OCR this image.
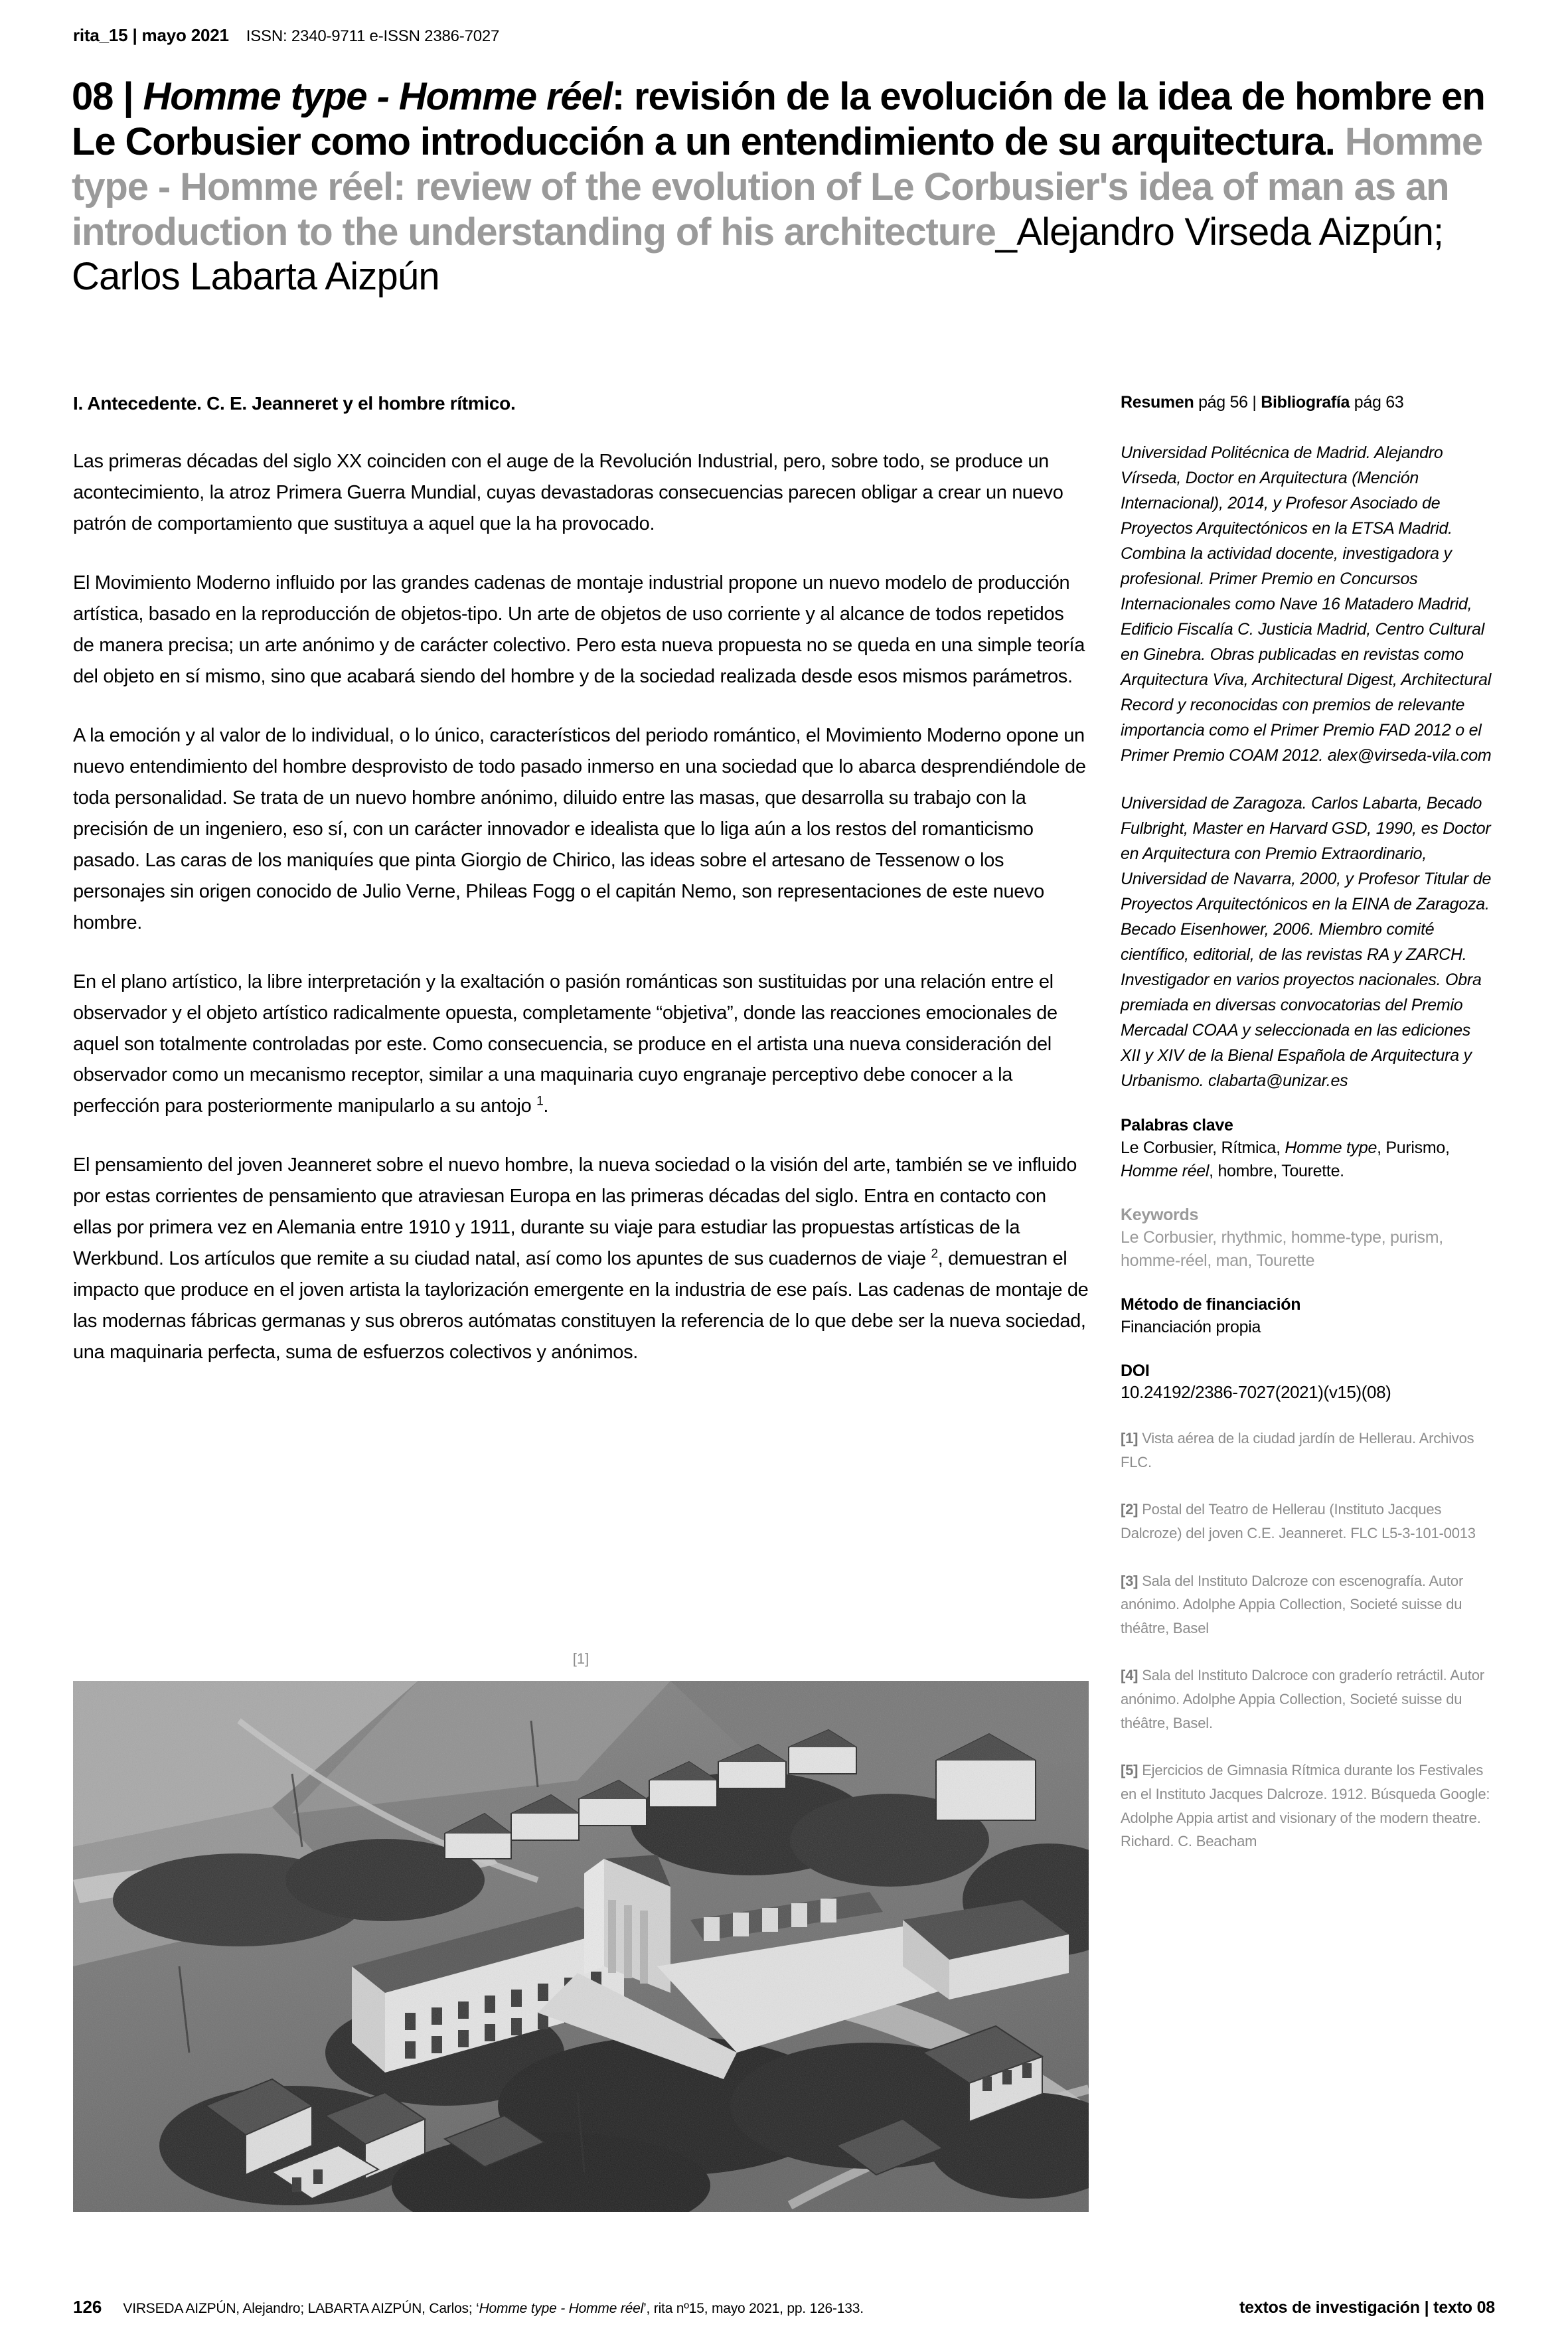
rita_15 | mayo 2021 ISSN: 2340-9711 e-ISSN 2386-7027
08 | Homme type - Homme réel: revisión de la evolución de la idea de hombre en Le Corbusier como introducción a un entendimiento de su arquitectura. Homme type - Homme réel: review of the evolution of Le Corbusier's idea of man as an introduction to the understanding of his architecture_Alejandro Virseda Aizpún; Carlos Labarta Aizpún
I. Antecedente. C. E. Jeanneret y el hombre rítmico.

Las primeras décadas del siglo XX coinciden con el auge de la Revolución Industrial, pero, sobre todo, se produce un acontecimiento, la atroz Primera Guerra Mundial, cuyas devastadoras consecuencias parecen obligar a crear un nuevo patrón de comportamiento que sustituya a aquel que la ha provocado.

El Movimiento Moderno influido por las grandes cadenas de montaje industrial propone un nuevo modelo de producción artística, basado en la reproducción de objetos-tipo. Un arte de objetos de uso corriente y al alcance de todos repetidos de manera precisa; un arte anónimo y de carácter colectivo. Pero esta nueva propuesta no se queda en una simple teoría del objeto en sí mismo, sino que acabará siendo del hombre y de la sociedad realizada desde esos mismos parámetros.

A la emoción y al valor de lo individual, o lo único, característicos del periodo romántico, el Movimiento Moderno opone un nuevo entendimiento del hombre desprovisto de todo pasado inmerso en una sociedad que lo abarca desprendiéndole de toda personalidad. Se trata de un nuevo hombre anónimo, diluido entre las masas, que desarrolla su trabajo con la precisión de un ingeniero, eso sí, con un carácter innovador e idealista que lo liga aún a los restos del romanticismo pasado. Las caras de los maniquíes que pinta Giorgio de Chirico, las ideas sobre el artesano de Tessenow o los personajes sin origen conocido de Julio Verne, Phileas Fogg o el capitán Nemo, son representaciones de este nuevo hombre.

En el plano artístico, la libre interpretación y la exaltación o pasión románticas son sustituidas por una relación entre el observador y el objeto artístico radicalmente opuesta, completamente “objetiva”, donde las reacciones emocionales de aquel son totalmente controladas por este. Como consecuencia, se produce en el artista una nueva consideración del observador como un mecanismo receptor, similar a una maquinaria cuyo engranaje perceptivo debe conocer a la perfección para posteriormente manipularlo a su antojo $^1$.

El pensamiento del joven Jeanneret sobre el nuevo hombre, la nueva sociedad o la visión del arte, también se ve influido por estas corrientes de pensamiento que atraviesan Europa en las primeras décadas del siglo. Entra en contacto con ellas por primera vez en Alemania entre 1910 y 1911, durante su viaje para estudiar las propuestas artísticas de la Werkbund. Los artículos que remite a su ciudad natal, así como los apuntes de sus cuadernos de viaje $^2$, demuestran el impacto que produce en el joven artista la taylorización emergente en la industria de ese país. Las cadenas de montaje de las modernas fábricas germanas y sus obreros autómatas constituyen la referencia de lo que debe ser la nueva sociedad, una maquinaria perfecta, suma de esfuerzos colectivos y anónimos.

[1]

Resumen pág 56 | Bibliografía pág 63

Universidad Politécnica de Madrid. Alejandro Vírseda, Doctor en Arquitectura (Mención Internacional), 2014, y Profesor Asociado de Proyectos Arquitectónicos en la ETSA Madrid. Combina la actividad docente, investigadora y profesional. Primer Premio en Concursos Internacionales como Nave 16 Matadero Madrid, Edificio Fiscalía C. Justicia Madrid, Centro Cultural en Ginebra. Obras publicadas en revistas como Arquitectura Viva, Architectural Digest, Architectural Record y reconocidas con premios de relevante importancia como el Primer Premio FAD 2012 o el Primer Premio COAM 2012. alex@virseda-vila.com

Universidad de Zaragoza. Carlos Labarta, Becado Fulbright, Master en Harvard GSD, 1990, es Doctor en Arquitectura con Premio Extraordinario, Universidad de Navarra, 2000, y Profesor Titular de Proyectos Arquitectónicos en la EINA de Zaragoza. Becado Eisenhower, 2006. Miembro comité científico, editorial, de las revistas RA y ZARCH. Investigador en varios proyectos nacionales. Obra premiada en diversas convocatorias del Premio Mercadal COAA y seleccionada en las ediciones XII y XIV de la Bienal Española de Arquitectura y Urbanismo. clabarta@unizar.es

Palabras clave

Le Corbusier, Rítmica, Homme type, Purismo, Homme réel, hombre, Tourette.

Keywords

Le Corbusier, rhythmic, homme-type, purism, homme-réel, man, Tourette

Método de financiación

Financiación propia

DOI

10.24192/2386-7027(2021)(v15)(08)

[1] Vista aérea de la ciudad jardín de Hellerau. Archivos FLC.

[2] Postal del Teatro de Hellerau (Instituto Jacques Dalcroze) del joven C.E. Jeanneret. FLC L5-3-101-0013

[3] Sala del Instituto Dalcroze con escenografía. Autor anónimo. Adolphe Appia Collection, Societé suisse du théâtre, Basel

[4] Sala del Instituto Dalcroce con graderío retráctil. Autor anónimo. Adolphe Appia Collection, Societé suisse du théâtre, Basel.

[5] Ejercicios de Gimnasia Rítmica durante los Festivales en el Instituto Jacques Dalcroze. 1912. Búsqueda Google: Adolphe Appia artist and visionary of the modern theatre. Richard. C. Beacham

126 VIRSEDA AIZPÚN, Alejandro; LABARTA AIZPÚN, Carlos; ‘Homme type - Homme réel’, rita nº15, mayo 2021, pp. 126-133.	textos de investigación | texto 08
